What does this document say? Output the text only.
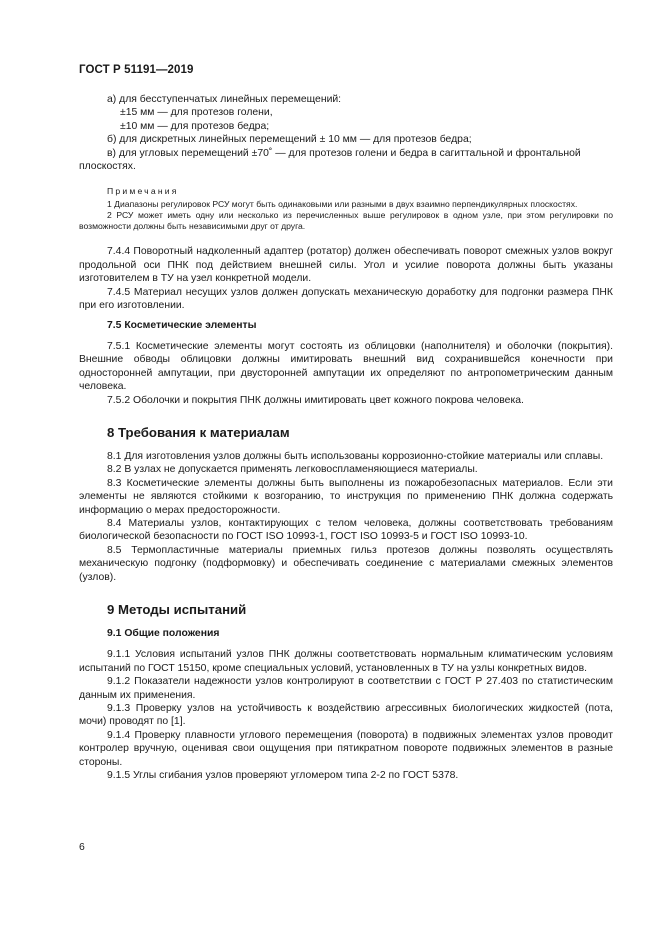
ГОСТ Р 51191—2019

а) для бесступенчатых линейных перемещений:

±15 мм — для протезов голени,

±10 мм — для протезов бедра;

б) для дискретных линейных перемещений ± 10 мм — для протезов бедра;

в) для угловых перемещений ±70˚ — для протезов голени и бедра в сагиттальной и фронтальной

плоскостях.

Примечания

1 Диапазоны регулировок РСУ могут быть одинаковыми или разными в двух взаимно перпендикулярных плоскостях.

2 РСУ может иметь одну или несколько из перечисленных выше регулировок в одном узле, при этом регулировки по возможности должны быть независимыми друг от друга.

7.4.4 Поворотный надколенный адаптер (ротатор) должен обеспечивать поворот смежных узлов вокруг продольной оси ПНК под действием внешней силы. Угол и усилие поворота должны быть указаны изготовителем в ТУ на узел конкретной модели.

7.4.5 Материал несущих узлов должен допускать механическую доработку для подгонки размера ПНК при его изготовлении.

7.5 Косметические элементы

7.5.1 Косметические элементы могут состоять из облицовки (наполнителя) и оболочки (покрытия). Внешние обводы облицовки должны имитировать внешний вид сохранившейся конечности при односторонней ампутации, при двусторонней ампутации их определяют по антропометрическим данным человека.

7.5.2 Оболочки и покрытия ПНК должны имитировать цвет кожного покрова человека.

8 Требования к материалам

8.1 Для изготовления узлов должны быть использованы коррозионно-стойкие материалы или сплавы.

8.2 В узлах не допускается применять легковоспламеняющиеся материалы.

8.3 Косметические элементы должны быть выполнены из пожаробезопасных материалов. Если эти элементы не являются стойкими к возгоранию, то инструкция по применению ПНК должна содержать информацию о мерах предосторожности.

8.4 Материалы узлов, контактирующих с телом человека, должны соответствовать требованиям биологической безопасности по ГОСТ ISO 10993-1, ГОСТ ISO 10993-5 и ГОСТ ISO 10993-10.

8.5 Термопластичные материалы приемных гильз протезов должны позволять осуществлять механическую подгонку (подформовку) и обеспечивать соединение с материалами смежных элементов (узлов).

9 Методы испытаний

9.1 Общие положения

9.1.1 Условия испытаний узлов ПНК должны соответствовать нормальным климатическим условиям испытаний по ГОСТ 15150, кроме специальных условий, установленных в ТУ на узлы конкретных видов.

9.1.2 Показатели надежности узлов контролируют в соответствии с ГОСТ Р 27.403 по статистическим данным их применения.

9.1.3 Проверку узлов на устойчивость к воздействию агрессивных биологических жидкостей (пота, мочи) проводят по [1].

9.1.4 Проверку плавности углового перемещения (поворота) в подвижных элементах узлов проводит контролер вручную, оценивая свои ощущения при пятикратном повороте подвижных элементов в разные стороны.

9.1.5 Углы сгибания узлов проверяют угломером типа 2-2 по ГОСТ 5378.

6
